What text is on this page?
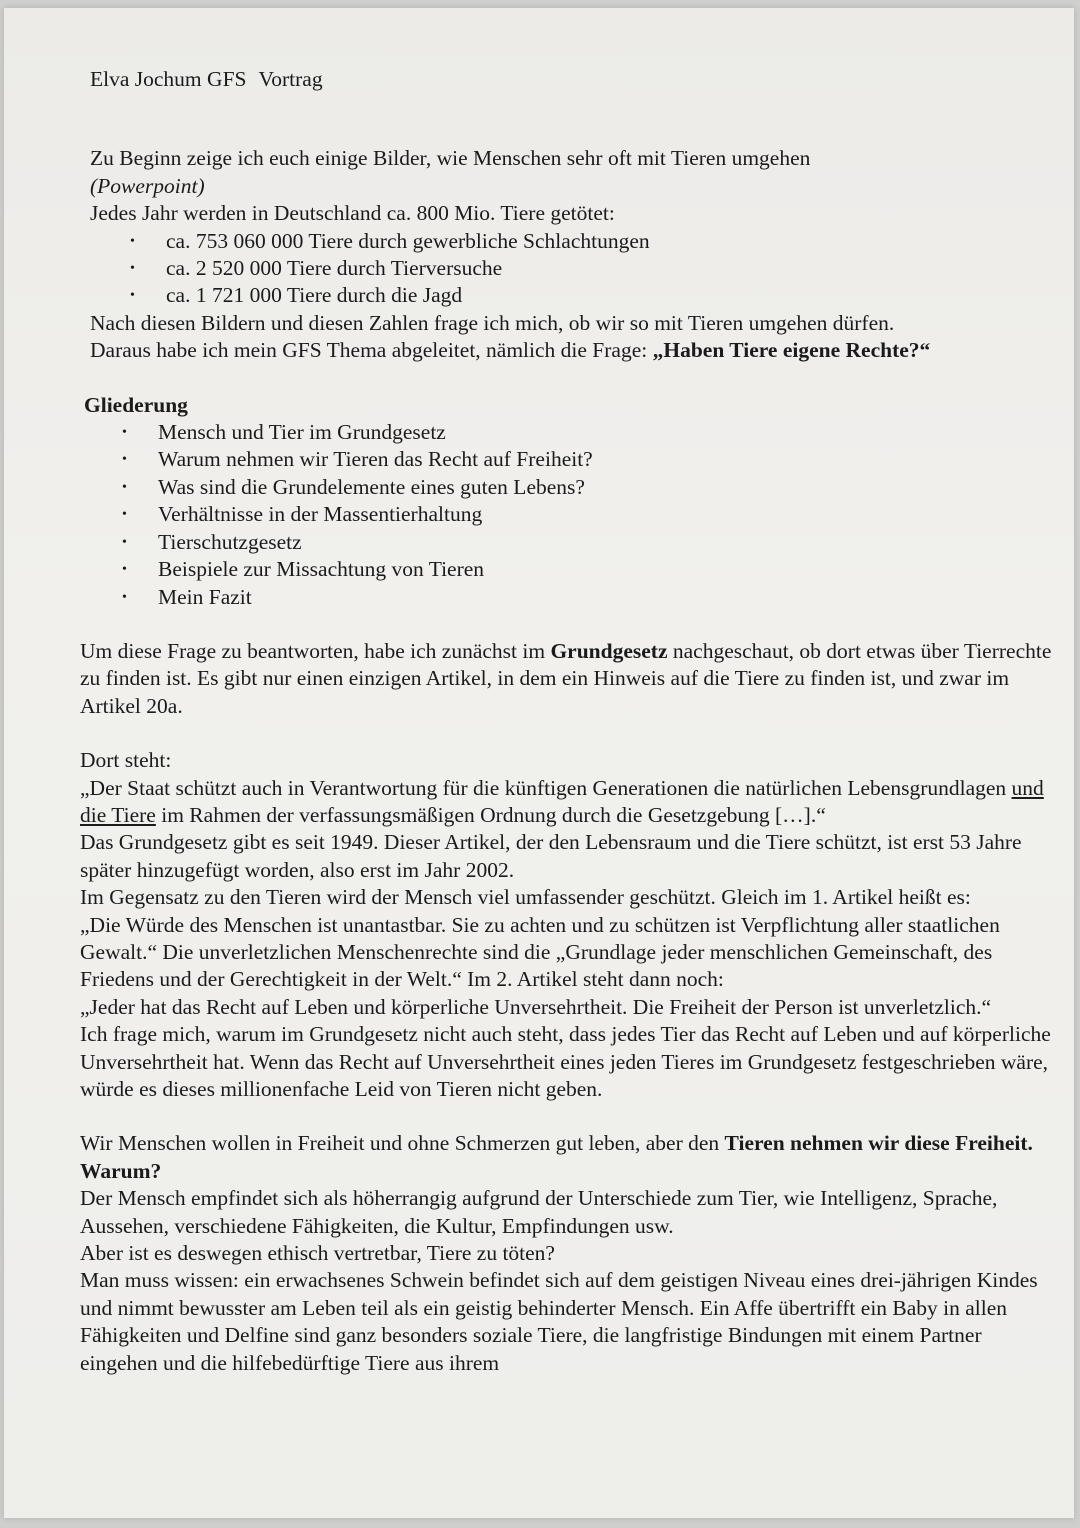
Elva Jochum GFS Vortrag

Zu Beginn zeige ich euch einige Bilder, wie Menschen sehr oft mit Tieren umgehen
(Powerpoint)

Jedes Jahr werden in Deutschland ca. 800 Mio. Tiere getötet:

• ca. 753 060 000 Tiere durch gewerbliche Schlachtungen
• ca. 2 520 000 Tiere durch Tierversuche
• ca. 1 721 000 Tiere durch die Jagd

Nach diesen Bildern und diesen Zahlen frage ich mich, ob wir so mit Tieren umgehen dürfen.

Daraus habe ich mein GFS Thema abgeleitet, nämlich die Frage: „Haben Tiere eigene Rechte?“

Gliederung

• Mensch und Tier im Grundgesetz
• Warum nehmen wir Tieren das Recht auf Freiheit?
• Was sind die Grundelemente eines guten Lebens?
• Verhältnisse in der Massentierhaltung
• Tierschutzgesetz
• Beispiele zur Missachtung von Tieren
• Mein Fazit

Um diese Frage zu beantworten, habe ich zunächst im Grundgesetz nachgeschaut, ob dort etwas über Tierrechte zu finden ist. Es gibt nur einen einzigen Artikel, in dem ein Hinweis auf die Tiere zu finden ist, und zwar im Artikel 20a.

Dort steht:

„Der Staat schützt auch in Verantwortung für die künftigen Generationen die natürlichen Lebensgrundlagen und die Tiere im Rahmen der verfassungsmäßigen Ordnung durch die Gesetzgebung […].“

Das Grundgesetz gibt es seit 1949. Dieser Artikel, der den Lebensraum und die Tiere schützt, ist erst 53 Jahre später hinzugefügt worden, also erst im Jahr 2002.

Im Gegensatz zu den Tieren wird der Mensch viel umfassender geschützt. Gleich im 1. Artikel heißt es:

„Die Würde des Menschen ist unantastbar. Sie zu achten und zu schützen ist Verpflichtung aller staatlichen Gewalt.“ Die unverletzlichen Menschenrechte sind die „Grundlage jeder menschlichen Gemeinschaft, des Friedens und der Gerechtigkeit in der Welt.“ Im 2. Artikel steht dann noch:

„Jeder hat das Recht auf Leben und körperliche Unversehrtheit. Die Freiheit der Person ist unverletzlich.“

Ich frage mich, warum im Grundgesetz nicht auch steht, dass jedes Tier das Recht auf Leben und auf körperliche Unversehrtheit hat. Wenn das Recht auf Unversehrtheit eines jeden Tieres im Grundgesetz festgeschrieben wäre, würde es dieses millionenfache Leid von Tieren nicht geben.

Wir Menschen wollen in Freiheit und ohne Schmerzen gut leben, aber den Tieren nehmen wir diese Freiheit. Warum?

Der Mensch empfindet sich als höherrangig aufgrund der Unterschiede zum Tier, wie Intelligenz, Sprache, Aussehen, verschiedene Fähigkeiten, die Kultur, Empfindungen usw.

Aber ist es deswegen ethisch vertretbar, Tiere zu töten?

Man muss wissen: ein erwachsenes Schwein befindet sich auf dem geistigen Niveau eines drei-jährigen Kindes und nimmt bewusster am Leben teil als ein geistig behinderter Mensch. Ein Affe übertrifft ein Baby in allen Fähigkeiten und Delfine sind ganz besonders soziale Tiere, die langfristige Bindungen mit einem Partner eingehen und die hilfebedürftige Tiere aus ihrem
